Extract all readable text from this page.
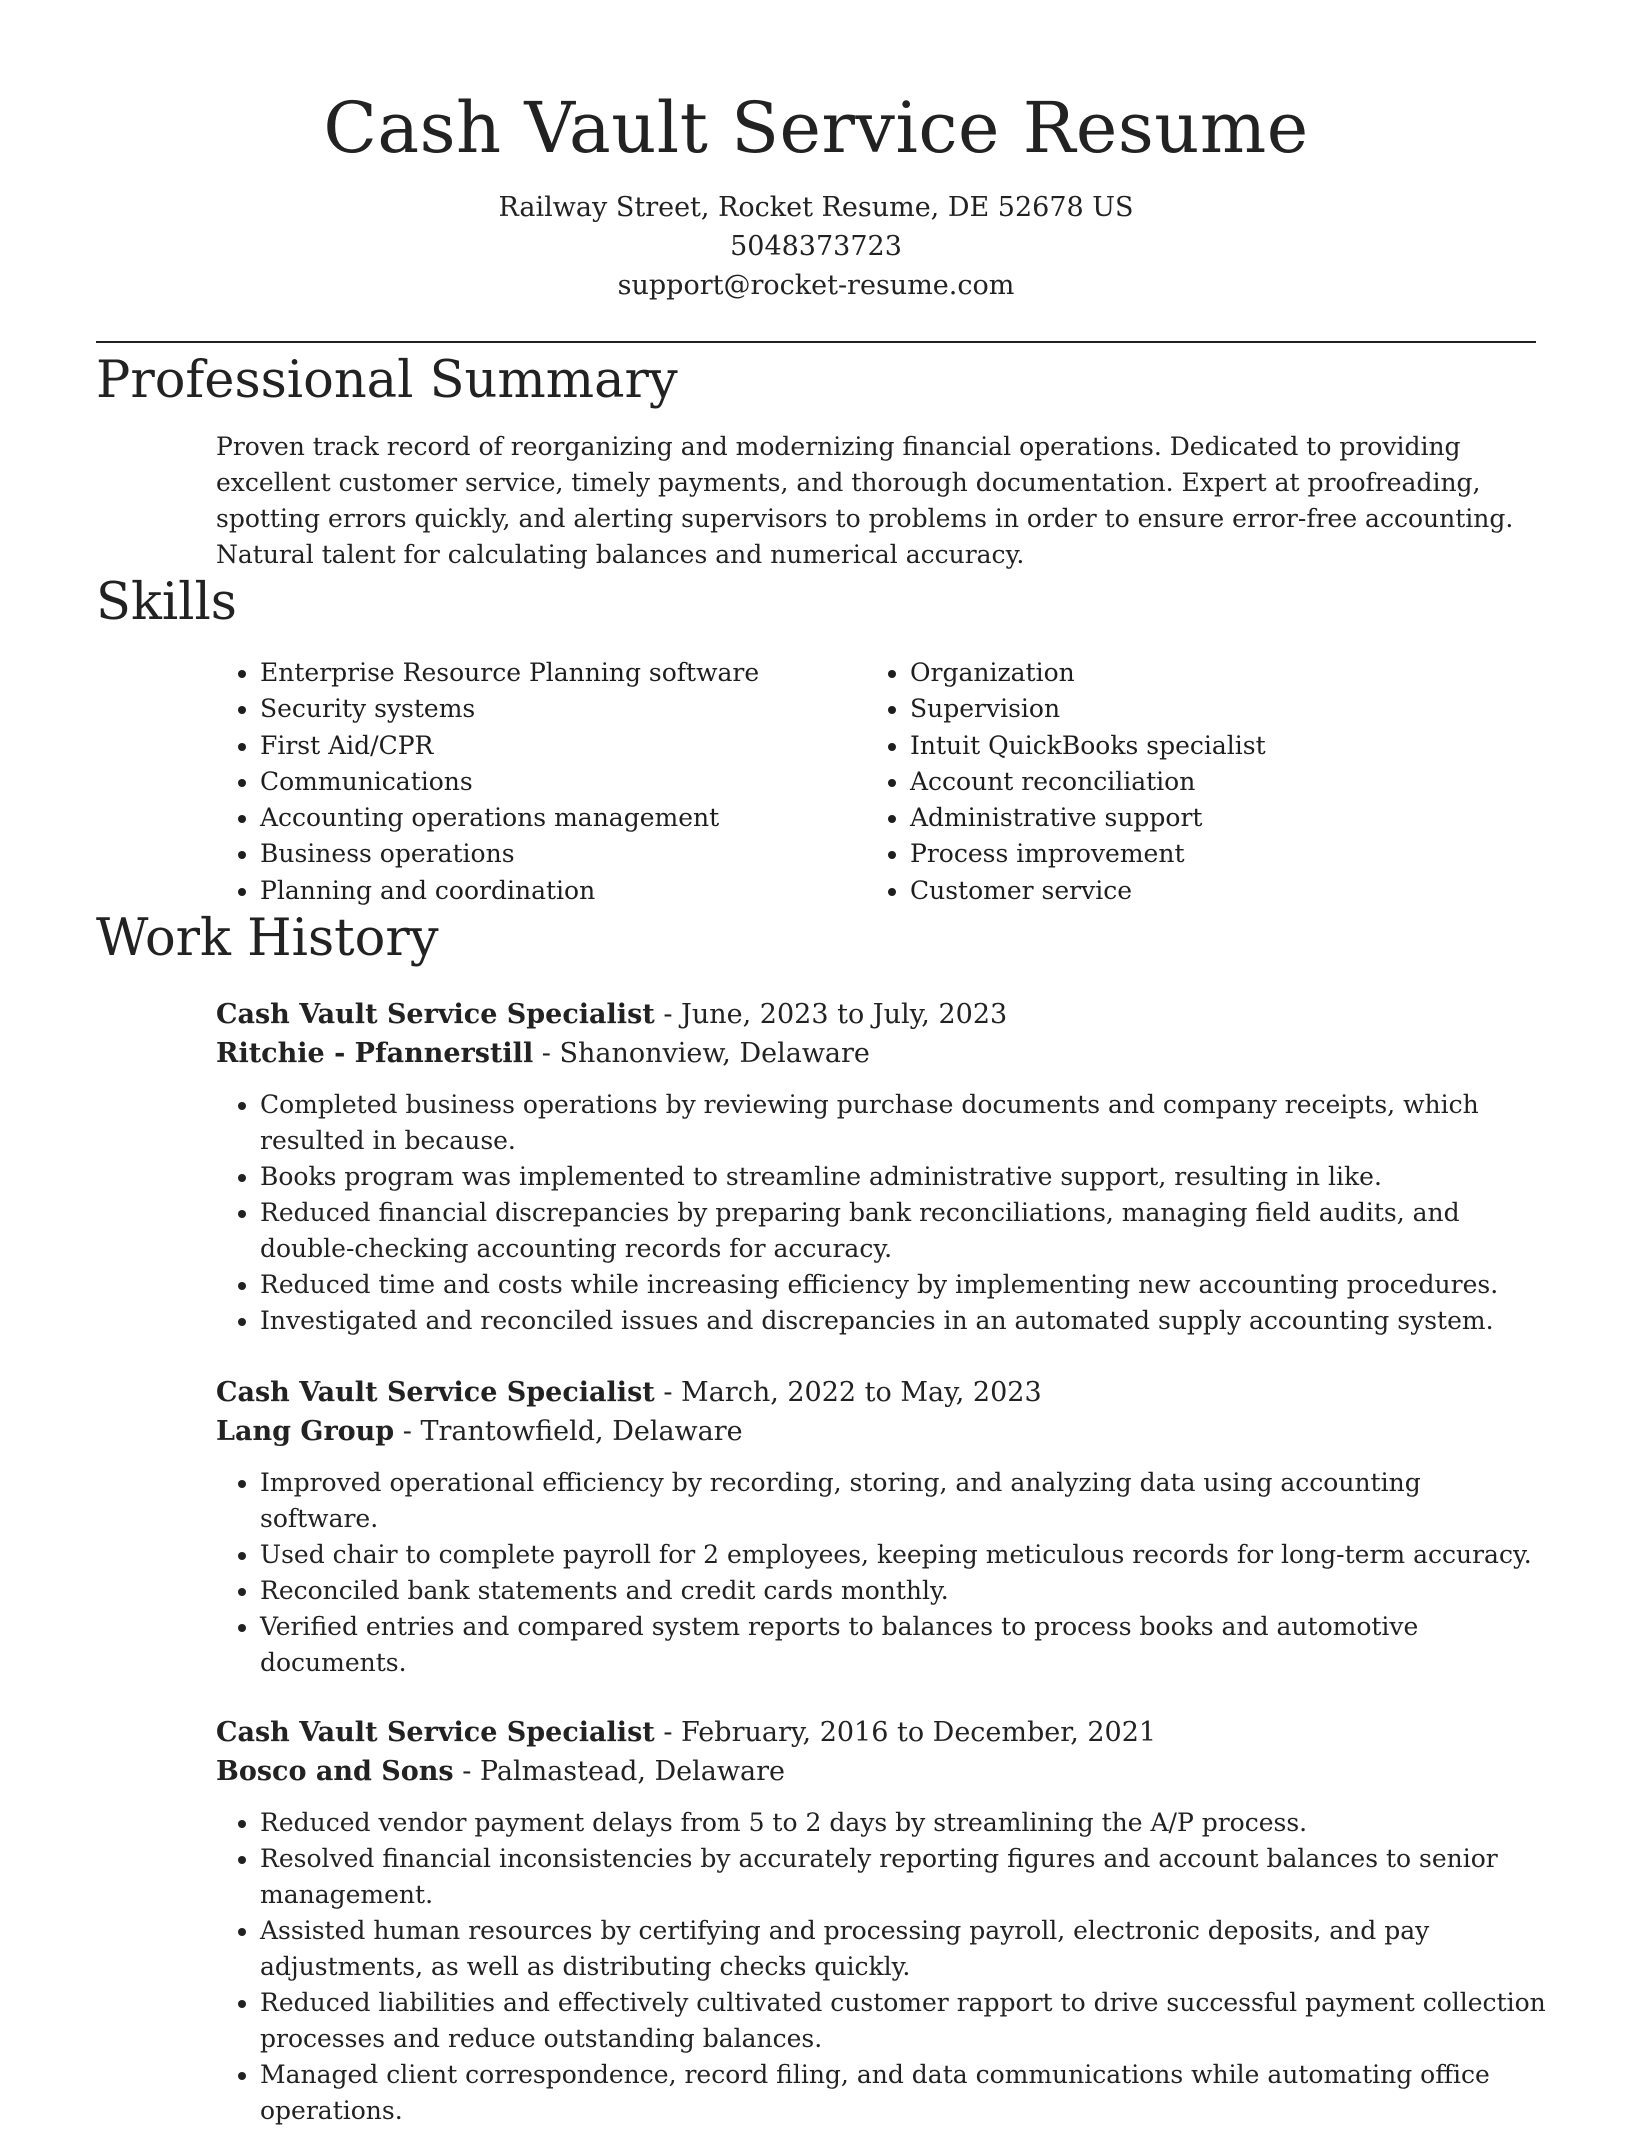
Cash Vault Service Resume
Railway Street, Rocket Resume, DE 52678 US
5048373723
support@rocket-resume.com
Professional Summary

Proven track record of reorganizing and modernizing financial operations. Dedicated to providing excellent customer service, timely payments, and thorough documentation. Expert at proofreading, spotting errors quickly, and alerting supervisors to problems in order to ensure error-free accounting. Natural talent for calculating balances and numerical accuracy.

Skills
• Enterprise Resource Planning software
• Security systems
• First Aid/CPR
• Communications
• Accounting operations management
• Business operations
• Planning and coordination
• Organization
• Supervision
• Intuit QuickBooks specialist
• Account reconciliation
• Administrative support
• Process improvement
• Customer service
Work History
Cash Vault Service Specialist - June, 2023 to July, 2023
Ritchie - Pfannerstill - Shanonview, Delaware
• Completed business operations by reviewing purchase documents and company receipts, which resulted in because.
• Books program was implemented to streamline administrative support, resulting in like.
• Reduced financial discrepancies by preparing bank reconciliations, managing field audits, and double-checking accounting records for accuracy.
• Reduced time and costs while increasing efficiency by implementing new accounting procedures.
• Investigated and reconciled issues and discrepancies in an automated supply accounting system.
Cash Vault Service Specialist - March, 2022 to May, 2023
Lang Group - Trantowfield, Delaware
• Improved operational efficiency by recording, storing, and analyzing data using accounting software.
• Used chair to complete payroll for 2 employees, keeping meticulous records for long-term accuracy.
• Reconciled bank statements and credit cards monthly.
• Verified entries and compared system reports to balances to process books and automotive documents.
Cash Vault Service Specialist - February, 2016 to December, 2021
Bosco and Sons - Palmastead, Delaware
• Reduced vendor payment delays from 5 to 2 days by streamlining the A/P process.
• Resolved financial inconsistencies by accurately reporting figures and account balances to senior management.
• Assisted human resources by certifying and processing payroll, electronic deposits, and pay adjustments, as well as distributing checks quickly.
• Reduced liabilities and effectively cultivated customer rapport to drive successful payment collection processes and reduce outstanding balances.
• Managed client correspondence, record filing, and data communications while automating office operations.
